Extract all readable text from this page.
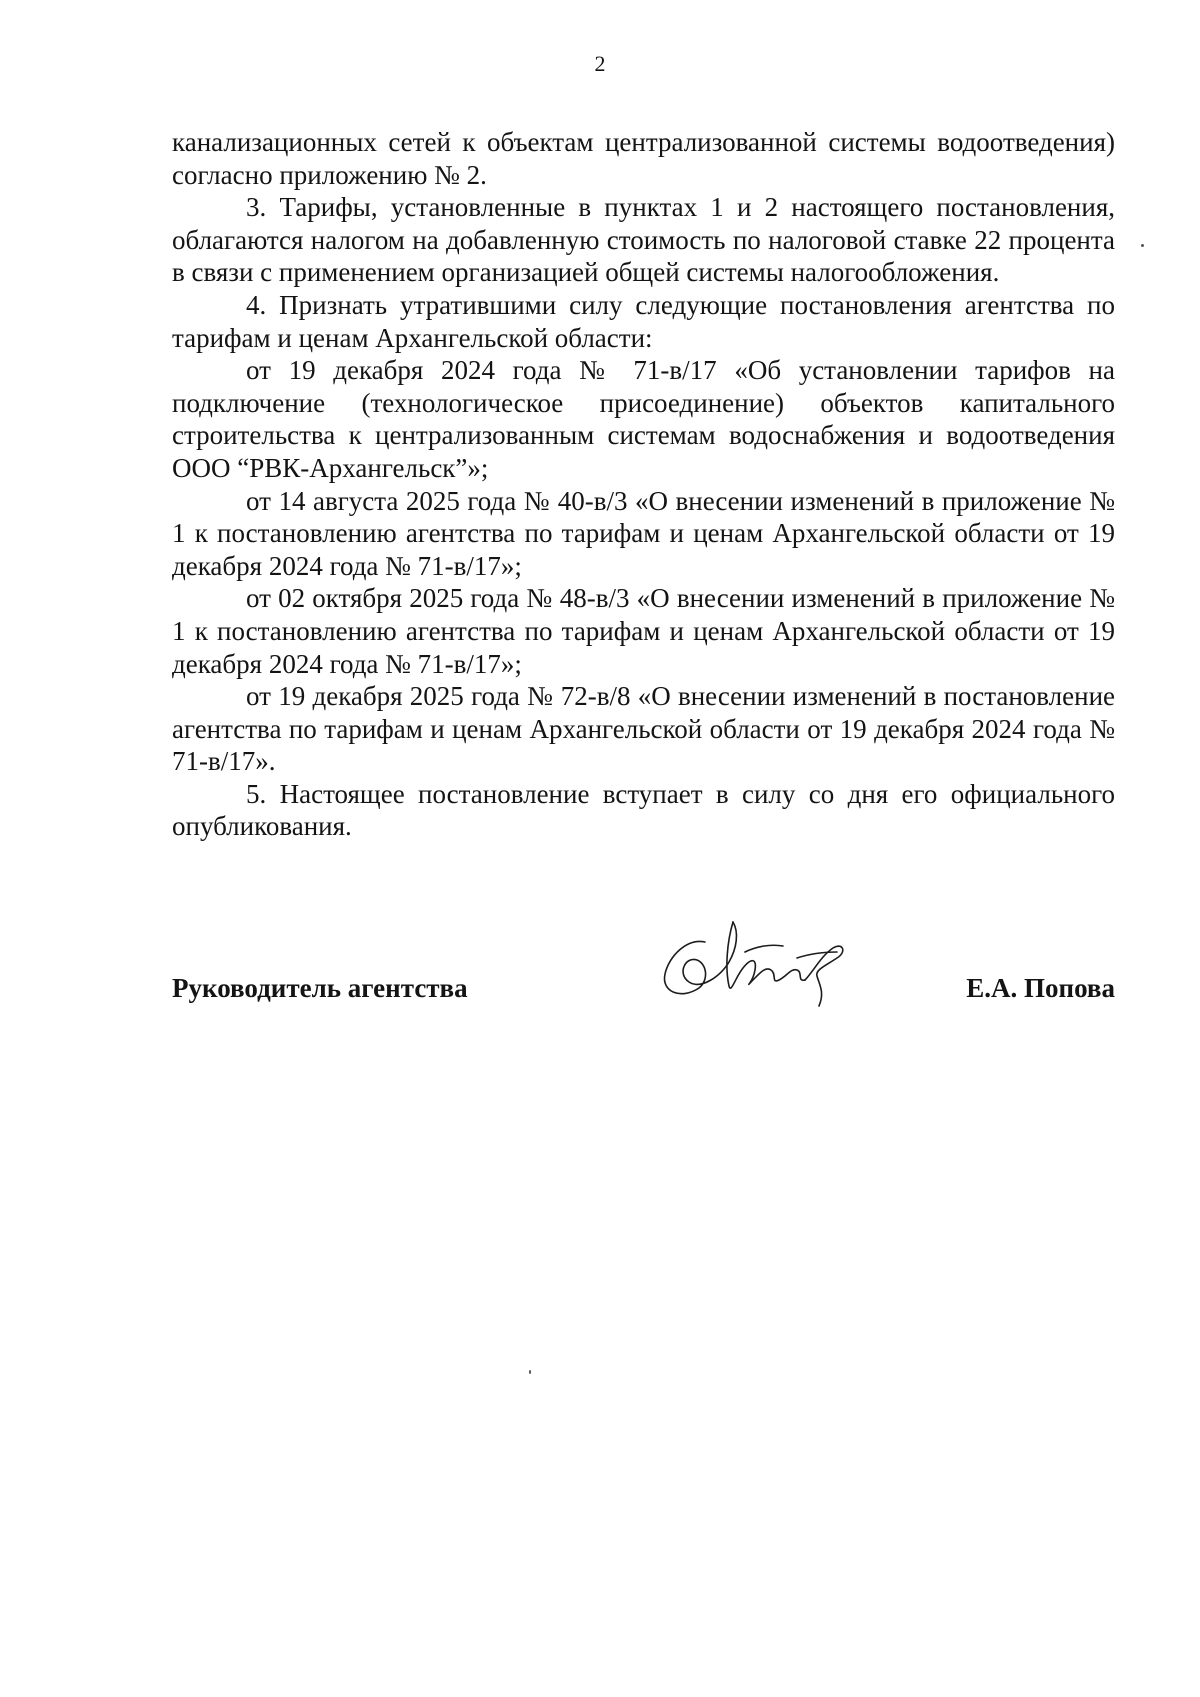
2

канализационных сетей к объектам централизованной системы водоотведения) согласно приложению № 2.

3. Тарифы, установленные в пунктах 1 и 2 настоящего постановления, облагаются налогом на добавленную стоимость по налоговой ставке 22 процента в связи с применением организацией общей системы налогообложения.

4. Признать утратившими силу следующие постановления агентства по тарифам и ценам Архангельской области:

от 19 декабря 2024 года № 71-в/17 «Об установлении тарифов на подключение (технологическое присоединение) объектов капитального строительства к централизованным системам водоснабжения и водоотведения ООО “РВК-Архангельск”»;

от 14 августа 2025 года № 40-в/3 «О внесении изменений в приложение № 1 к постановлению агентства по тарифам и ценам Архангельской области от 19 декабря 2024 года № 71-в/17»;

от 02 октября 2025 года № 48-в/3 «О внесении изменений в приложение № 1 к постановлению агентства по тарифам и ценам Архангельской области от 19 декабря 2024 года № 71-в/17»;

от 19 декабря 2025 года № 72-в/8 «О внесении изменений в постановление агентства по тарифам и ценам Архангельской области от 19 декабря 2024 года № 71-в/17».

5. Настоящее постановление вступает в силу со дня его официального опубликования.

Руководитель агентства	Е.А. Попова
